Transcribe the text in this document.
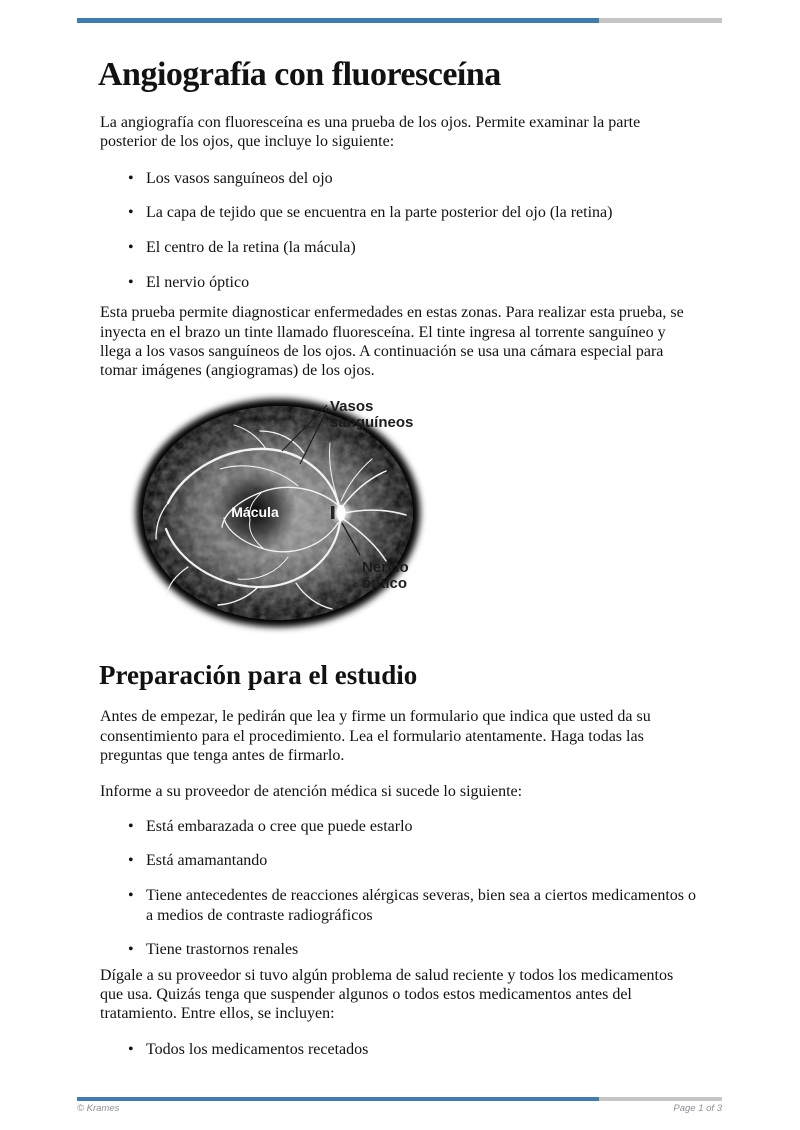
Angiografía con fluoresceína

La angiografía con fluoresceína es una prueba de los ojos. Permite examinar la parte posterior de los ojos, que incluye lo siguiente:

• Los vasos sanguíneos del ojo
• La capa de tejido que se encuentra en la parte posterior del ojo (la retina)
• El centro de la retina (la mácula)
• El nervio óptico

Esta prueba permite diagnosticar enfermedades en estas zonas. Para realizar esta prueba, se inyecta en el brazo un tinte llamado fluoresceína. El tinte ingresa al torrente sanguíneo y llega a los vasos sanguíneos de los ojos. A continuación se usa una cámara especial para tomar imágenes (angiogramas) de los ojos.

Vasos sanguíneos
Mácula
Nervio óptico
Preparación para el estudio

Antes de empezar, le pedirán que lea y firme un formulario que indica que usted da su consentimiento para el procedimiento. Lea el formulario atentamente. Haga todas las preguntas que tenga antes de firmarlo.

Informe a su proveedor de atención médica si sucede lo siguiente:

• Está embarazada o cree que puede estarlo
• Está amamantando
• Tiene antecedentes de reacciones alérgicas severas, bien sea a ciertos medicamentos o a medios de contraste radiográficos
• Tiene trastornos renales

Dígale a su proveedor si tuvo algún problema de salud reciente y todos los medicamentos que usa. Quizás tenga que suspender algunos o todos estos medicamentos antes del tratamiento. Entre ellos, se incluyen:

• Todos los medicamentos recetados
© Krames	Page 1 of 3
